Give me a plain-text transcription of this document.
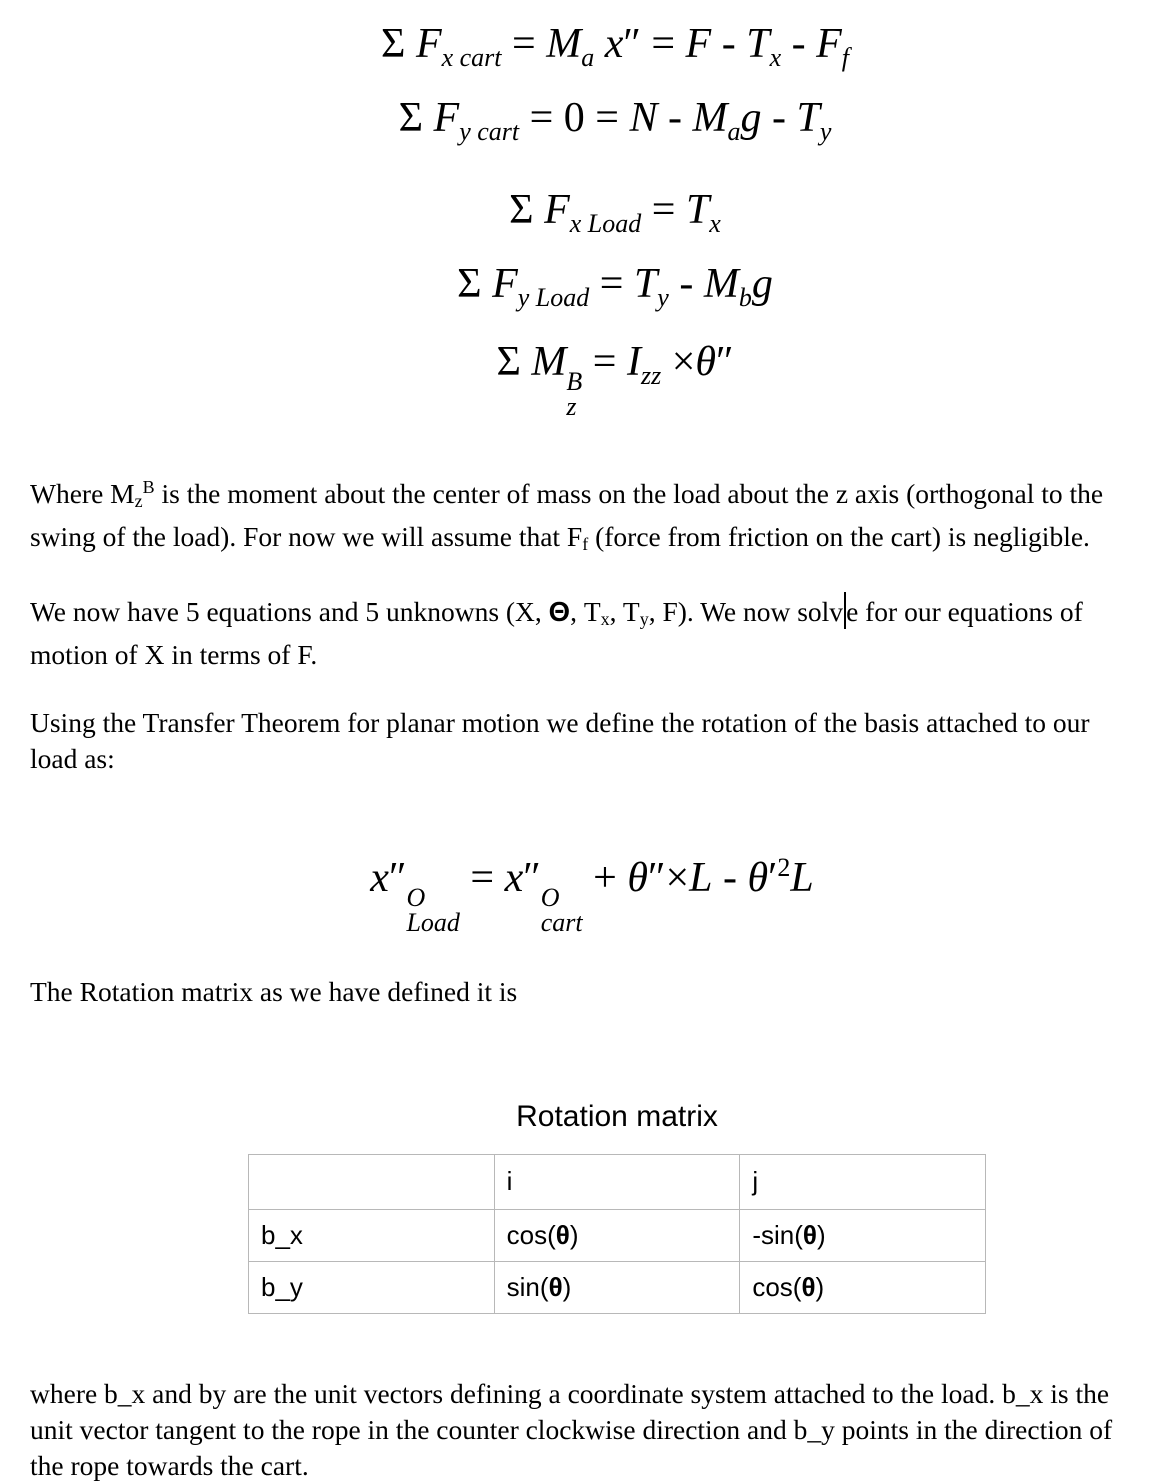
Σ $F_{x cart} = M_a$ $x'' = F - T_x - F_f$
Σ $F_{y cart} = 0 = N - M_ag - T_y$
Σ $F_{x Load} = T_x$
Σ $F_{y Load} = T_y - M_bg$
Σ M B
z
= $I_{zz} \times\theta''$

Where $Mz^B$ is the moment about the center of mass on the load about the z axis (orthogonal to the swing of the load). For now we will assume that Ff (force from friction on the cart) is negligible.

We now have 5 equations and 5 unknowns (X, Θ, Tx, Ty, F). We now solv e for our equations of motion of X in terms of F.

Using the Transfer Theorem for planar motion we define the rotation of the basis attached to our load as:

x″ O
Load
= x″ O
cart
+ $\theta''\times L - \theta'^2L$

The Rotation matrix as we have defined it is

Rotation matrix
	i	j
b_x	cos(θ)	-sin(θ)
b_y	sin(θ)	cos(θ)

where b_x and by are the unit vectors defining a coordinate system attached to the load. b_x is the unit vector tangent to the rope in the counter clockwise direction and b_y points in the direction of the rope towards the cart.
